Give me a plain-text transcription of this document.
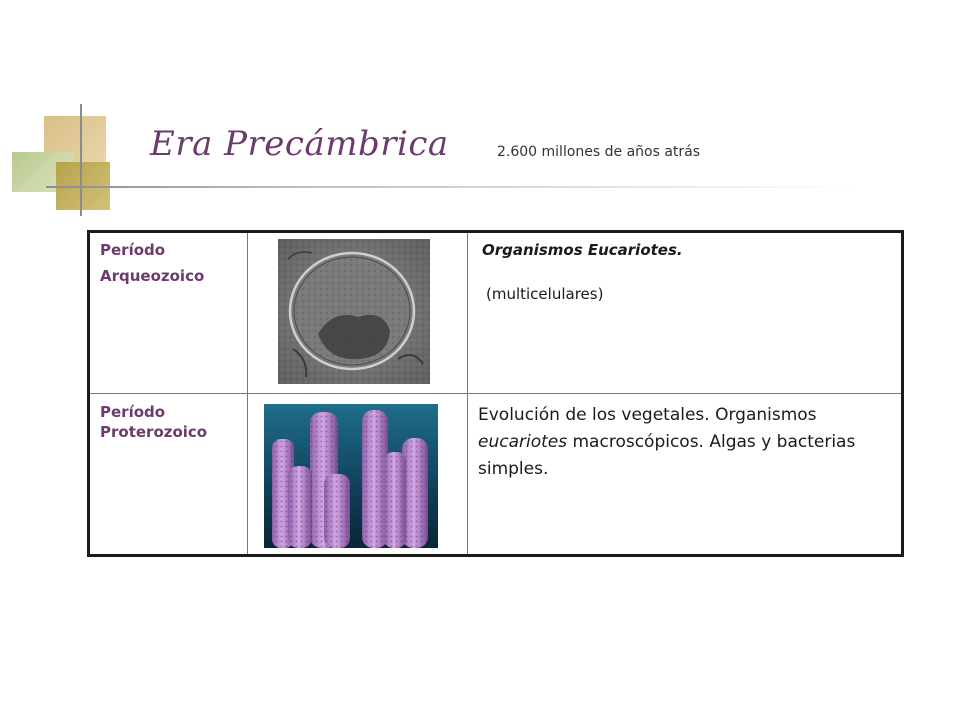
Era Precámbrica	2.600 millones de años atrás
Período Arqueozoico		Organismos Eucariotes.
(multicelulares)

Período Proterozoico		Evolución de los vegetales. Organismos eucariotes macroscópicos. Algas y bacterias simples.
